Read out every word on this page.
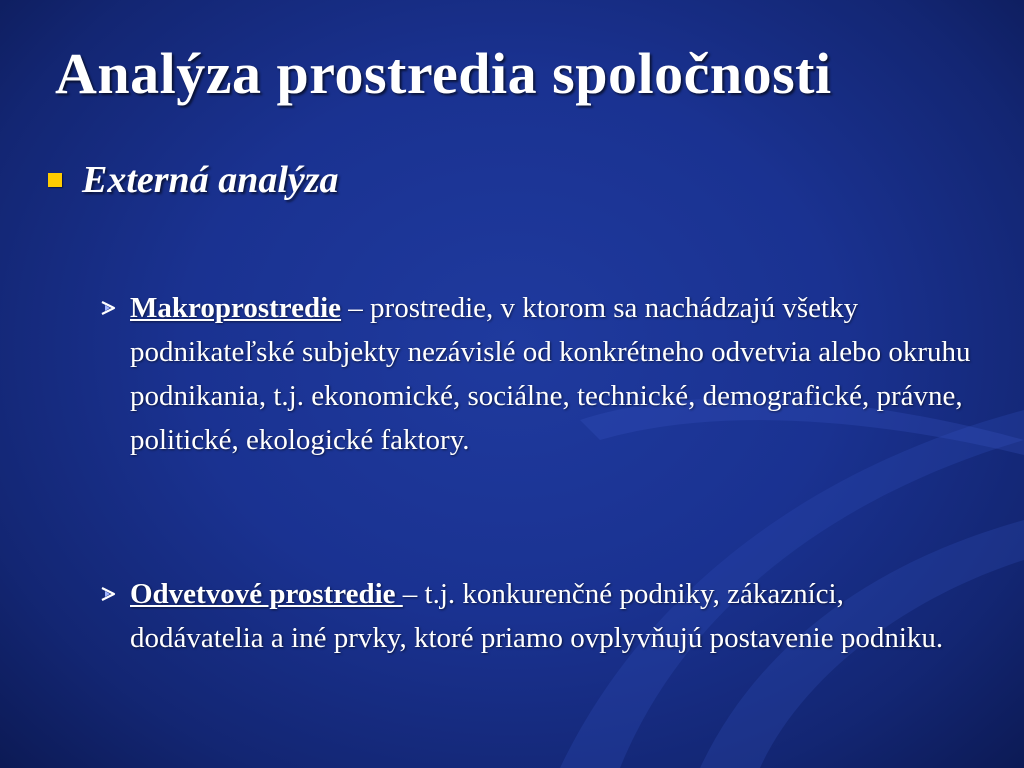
Analýza prostredia spoločnosti
Externá analýza
Makroprostredie – prostredie, v ktorom sa nachádzajú všetky podnikateľské subjekty nezávislé od konkrétneho odvetvia alebo okruhu podnikania, t.j. ekonomické, sociálne, technické, demografické, právne, politické, ekologické faktory.
Odvetvové prostredie – t.j. konkurenčné podniky, zákazníci, dodávatelia a iné prvky, ktoré priamo ovplyvňujú postavenie podniku.
